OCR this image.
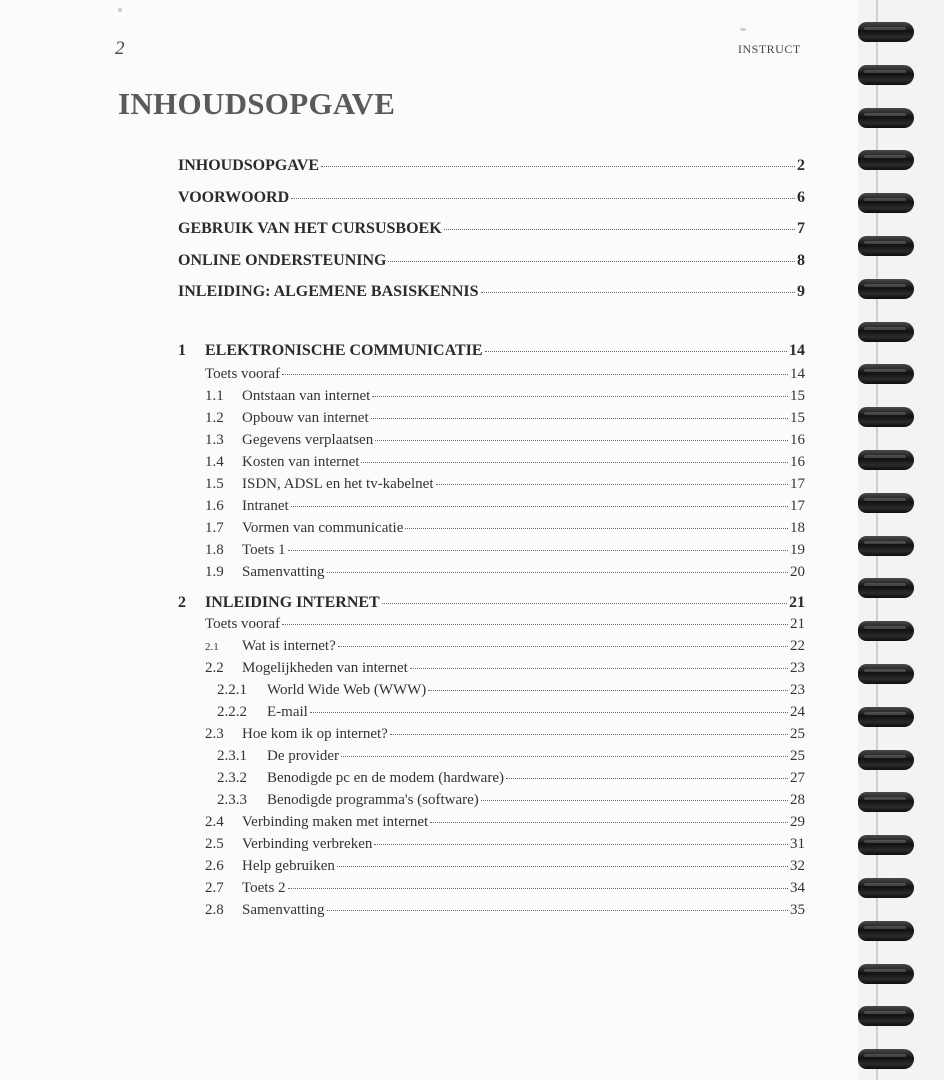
2	INSTRUCT
INHOUDSOPGAVE
INHOUDSOPGAVE	2
VOORWOORD	6
GEBRUIK VAN HET CURSUSBOEK	7
ONLINE ONDERSTEUNING	8
INLEIDING: ALGEMENE BASISKENNIS	9
1	ELEKTRONISCHE COMMUNICATIE	14
Toets vooraf	14
1.1	Ontstaan van internet	15
1.2	Opbouw van internet	15
1.3	Gegevens verplaatsen	16
1.4	Kosten van internet	16
1.5	ISDN, ADSL en het tv-kabelnet	17
1.6	Intranet	17
1.7	Vormen van communicatie	18
1.8	Toets 1	19
1.9	Samenvatting	20
2	INLEIDING INTERNET	21
Toets vooraf	21
2.1	Wat is internet?	22
2.2	Mogelijkheden van internet	23
2.2.1	World Wide Web (WWW)	23
2.2.2	E-mail	24
2.3	Hoe kom ik op internet?	25
2.3.1	De provider	25
2.3.2	Benodigde pc en de modem (hardware)	27
2.3.3	Benodigde programma's (software)	28
2.4	Verbinding maken met internet	29
2.5	Verbinding verbreken	31
2.6	Help gebruiken	32
2.7	Toets 2	34
2.8	Samenvatting	35
